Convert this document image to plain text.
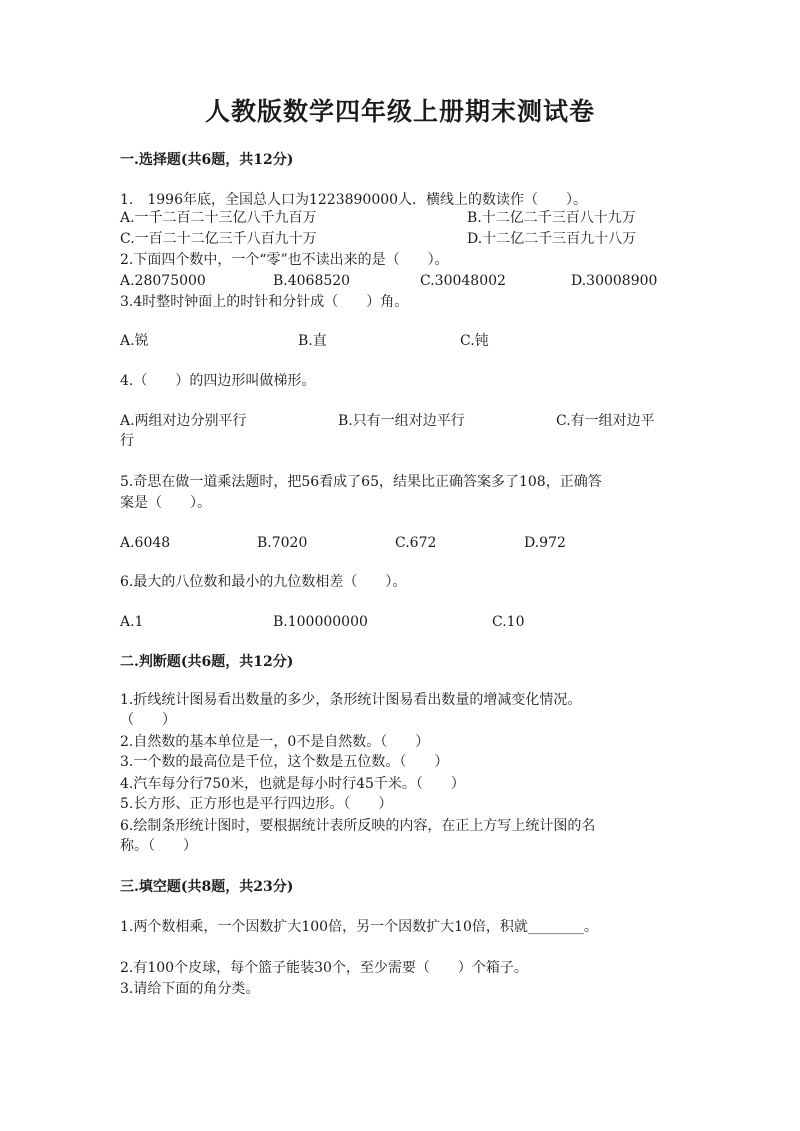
人教版数学四年级上册期末测试卷
一.选择题(共6题，共12分)
1.　1996年底，全国总人口为1223890000人．横线上的数读作（　　）。
A.一千二百二十三亿八千九百万	B.十二亿二千三百八十九万
C.一百二十二亿三千八百九十万	D.十二亿二千三百九十八万
2.下面四个数中，一个“零”也不读出来的是（　　）。
A.28075000	B.4068520	C.30048002	D.30008900
3.4时整时钟面上的时针和分针成（　　）角。
A.锐	B.直	C.钝
4.（　　）的四边形叫做梯形。
A.两组对边分别平行	B.只有一组对边平行	C.有一组对边平
行
5.奇思在做一道乘法题时，把56看成了65，结果比正确答案多了108，正确答
案是（　　）。
A.6048	B.7020	C.672	D.972
6.最大的八位数和最小的九位数相差（　　）。
A.1	B.100000000	C.10
二.判断题(共6题，共12分)
1.折线统计图易看出数量的多少，条形统计图易看出数量的增减变化情况。
（　　）
2.自然数的基本单位是一，0不是自然数。（　　）
3.一个数的最高位是千位，这个数是五位数。（　　）
4.汽车每分行750米，也就是每小时行45千米。（　　）
5.长方形、正方形也是平行四边形。（　　）
6.绘制条形统计图时，要根据统计表所反映的内容，在正上方写上统计图的名
称。（　　）
三.填空题(共8题，共23分)
1.两个数相乘，一个因数扩大100倍，另一个因数扩大10倍，积就________。
2.有100个皮球，每个篮子能装30个，至少需要（　　）个箱子。
3.请给下面的角分类。
